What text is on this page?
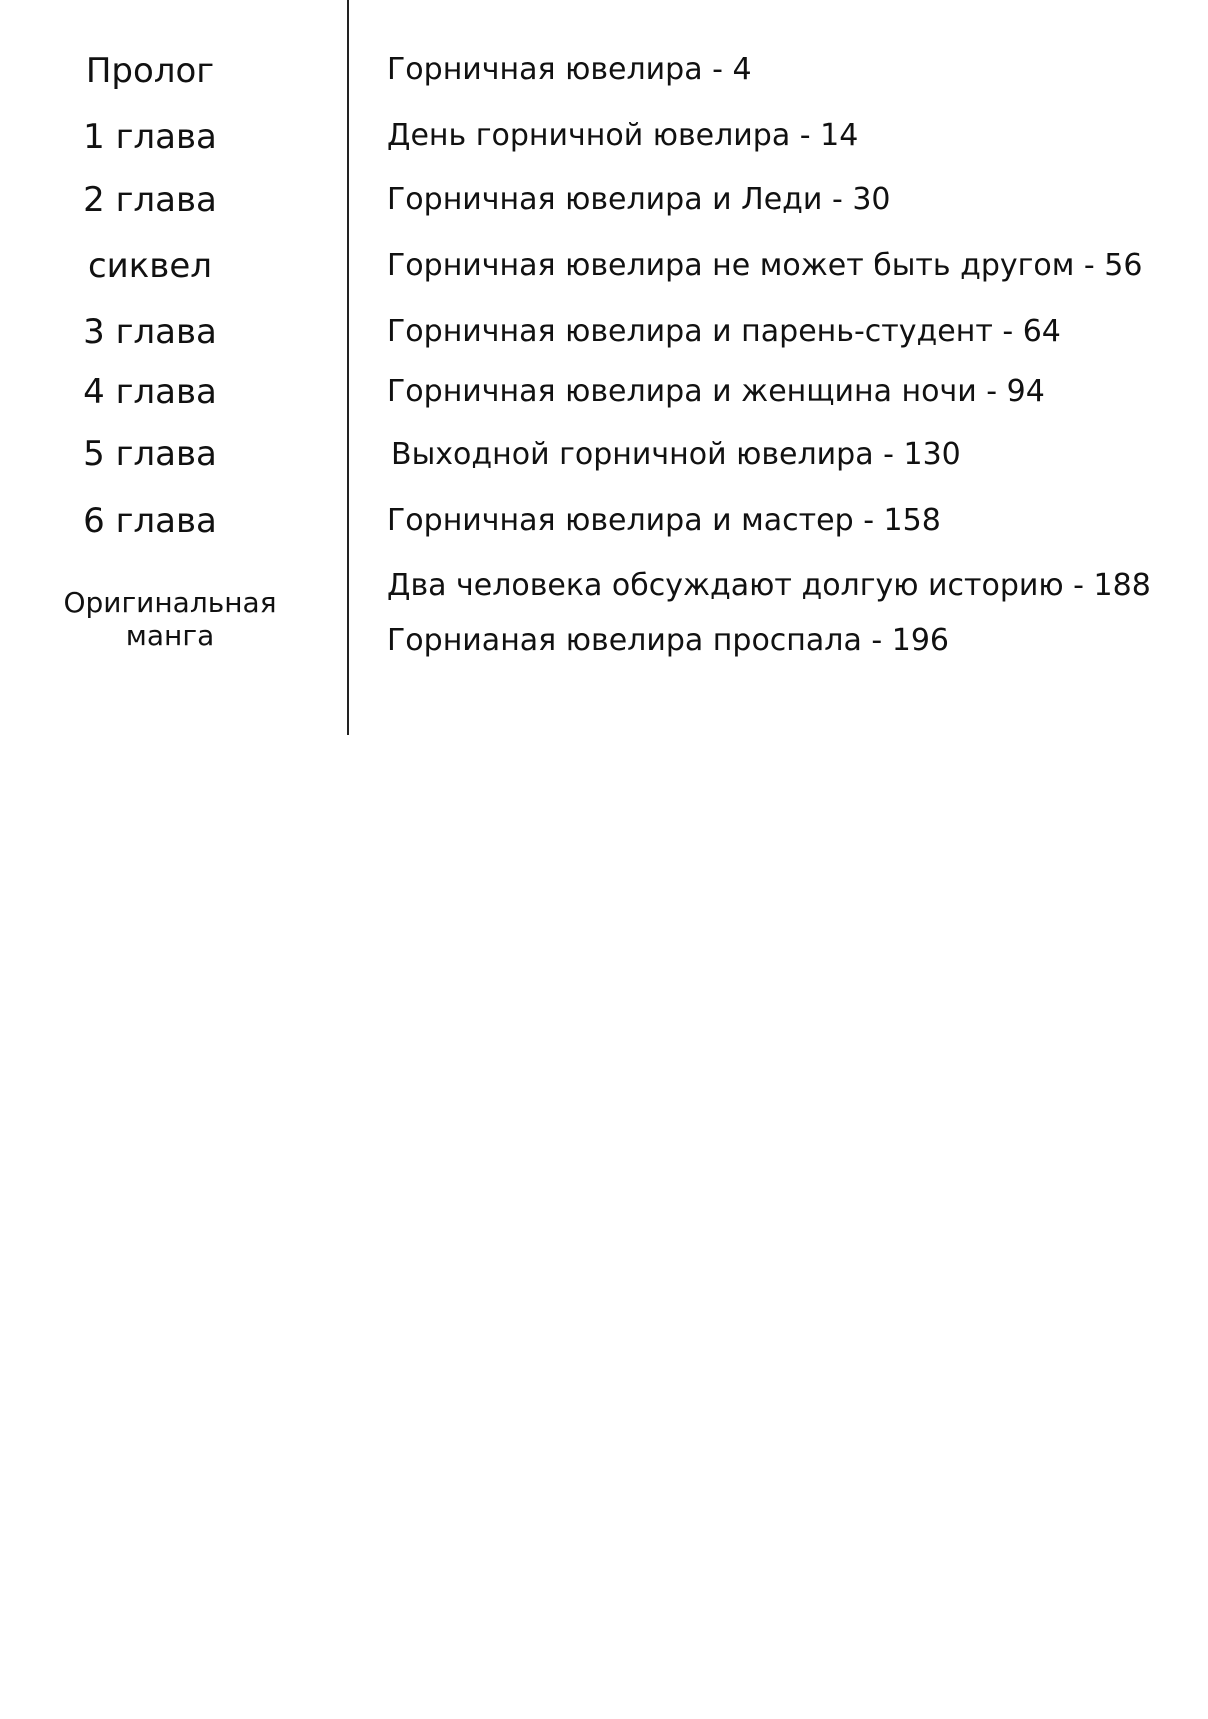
Пролог
1 глава
2 глава
сиквел
3 глава
4 глава
5 глава
6 глава
Оригинальная
манга
Горничная ювелира - 4
День горничной ювелира - 14
Горничная ювелира и Леди - 30
Горничная ювелира не может быть другом - 56
Горничная ювелира и парень-студент - 64
Горничная ювелира и женщина ночи - 94
Выходной горничной ювелира - 130
Горничная ювелира и мастер - 158
Два человека обсуждают долгую историю - 188
Горнианая ювелира проспала - 196
